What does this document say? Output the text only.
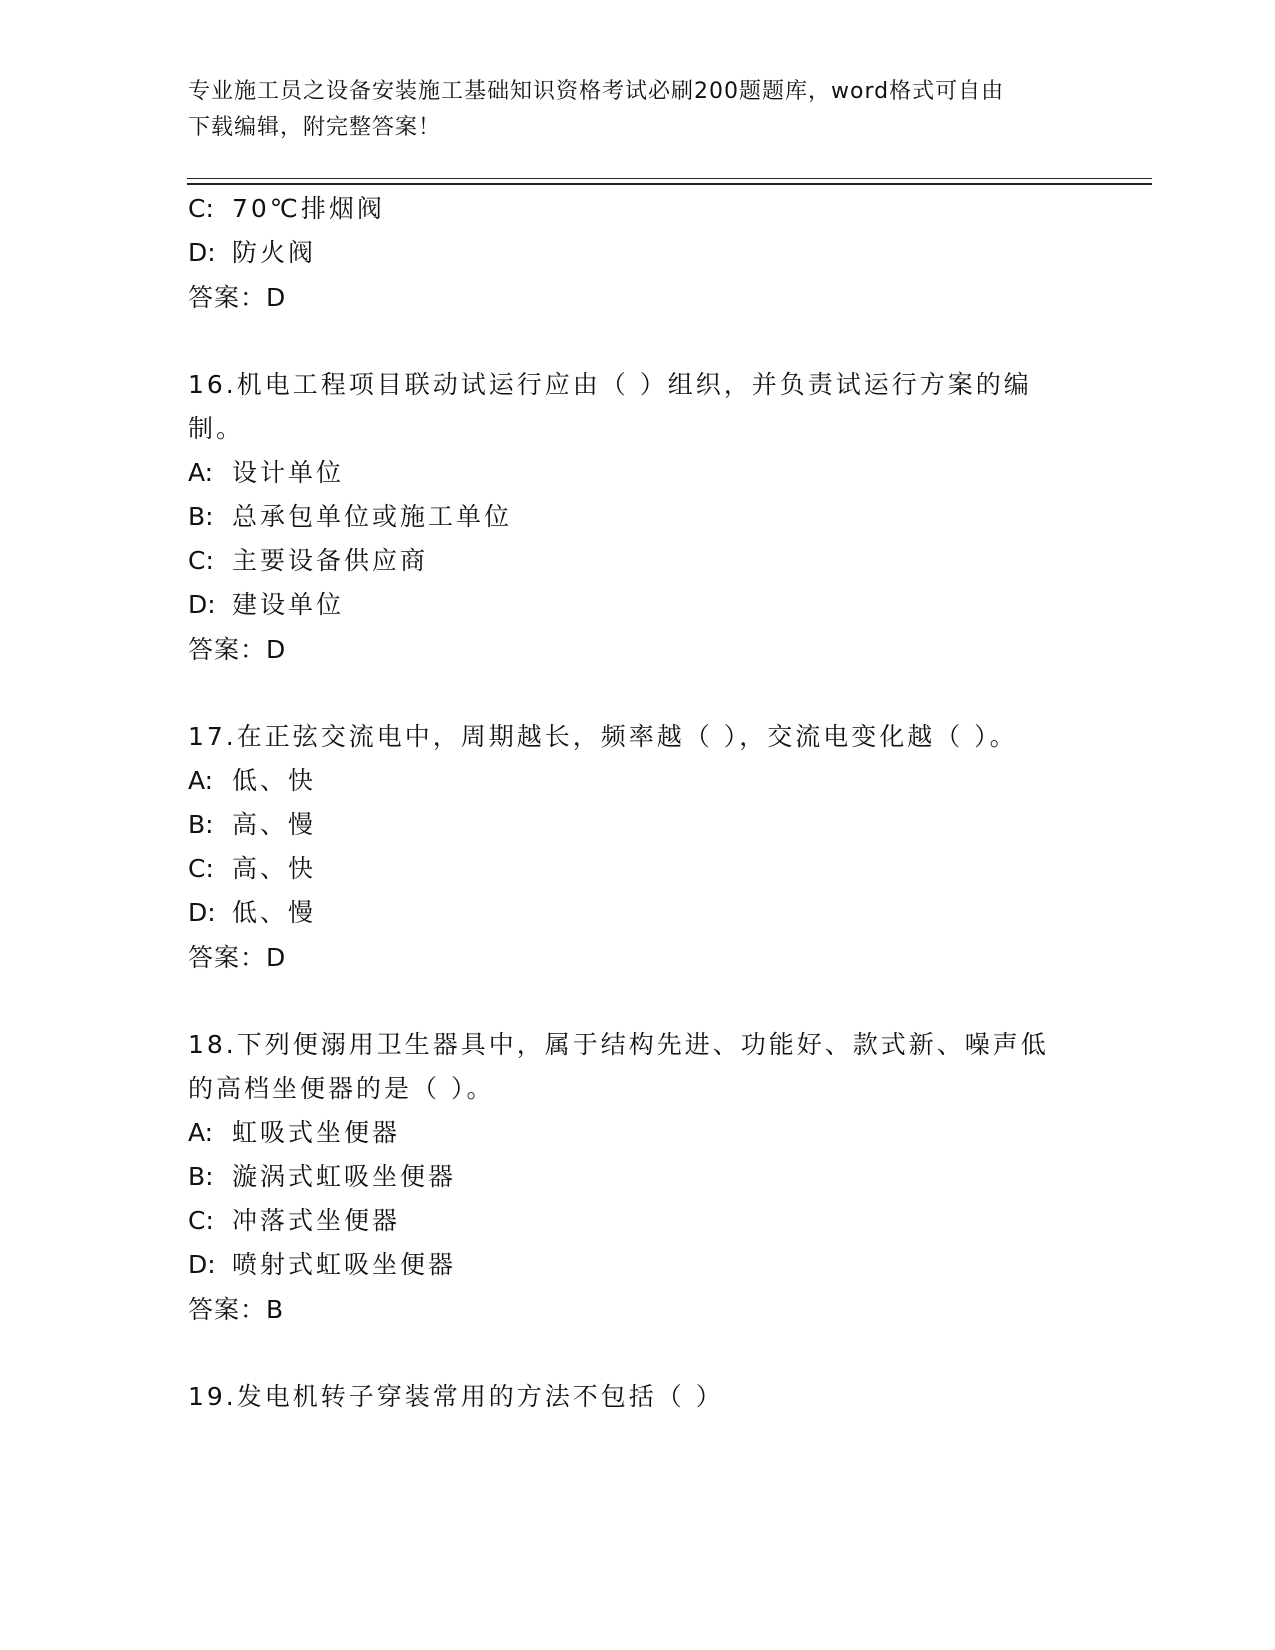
专业施工员之设备安装施工基础知识资格考试必刷200题题库，word格式可自由
下载编辑，附完整答案！
C: 70℃排烟阀
D: 防火阀
答案：D
16.机电工程项目联动试运行应由（ ）组织，并负责试运行方案的编
制。
A: 设计单位
B: 总承包单位或施工单位
C: 主要设备供应商
D: 建设单位
答案：D
17.在正弦交流电中，周期越长，频率越（ ），交流电变化越（ ）。
A: 低、快
B: 高、慢
C: 高、快
D: 低、慢
答案：D
18.下列便溺用卫生器具中，属于结构先进、功能好、款式新、噪声低
的高档坐便器的是（ ）。
A: 虹吸式坐便器
B: 漩涡式虹吸坐便器
C: 冲落式坐便器
D: 喷射式虹吸坐便器
答案：B
19.发电机转子穿装常用的方法不包括（ ）
